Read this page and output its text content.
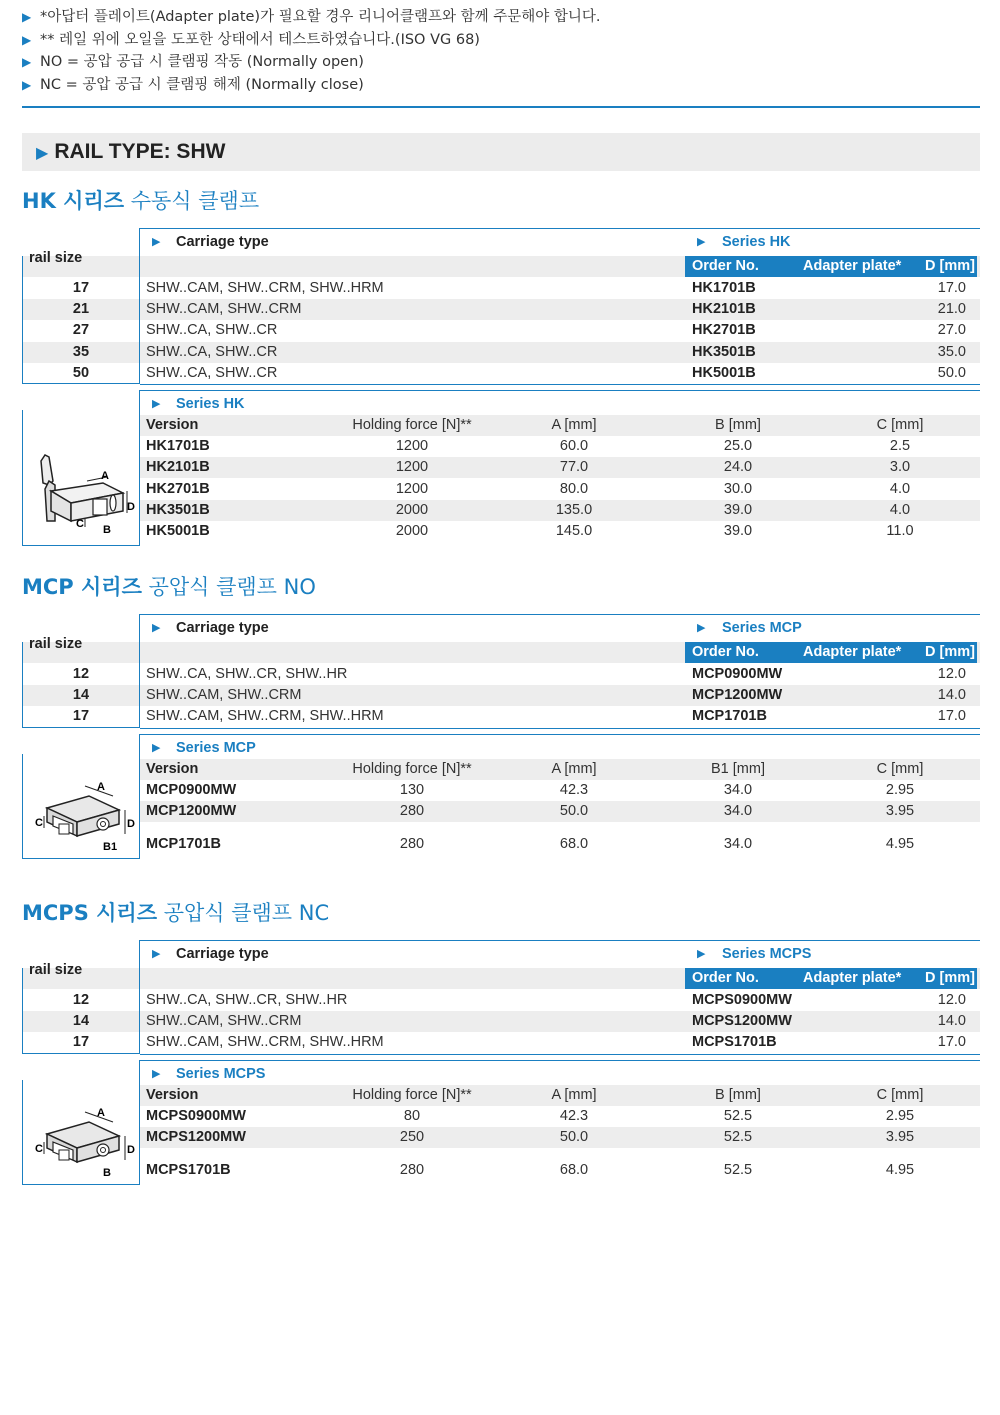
▶ *아답터 플레이트(Adapter plate)가 필요할 경우 리니어클램프와 함께 주문해야 합니다.
▶ ** 레일 위에 오일을 도포한 상태에서 테스트하였습니다.(ISO VG 68)
▶ NO = 공압 공급 시 클램핑 작동 (Normally open)
▶ NC = 공압 공급 시 클램핑 해제 (Normally close)
▶ RAIL TYPE: SHW
HK 시리즈 수동식 클램프
▶ Carriage type	▶ Series HK
rail size	Order No.	Adapter plate* D [mm]
17	SHW..CAM, SHW..CRM, SHW..HRM	HK1701B	17.0
21	SHW..CAM, SHW..CRM	HK2101B	21.0
27	SHW..CA, SHW..CR	HK2701B	27.0
35	SHW..CA, SHW..CR	HK3501B	35.0
50	SHW..CA, SHW..CR	HK5001B	50.0
▶ Series HK
Version	Holding force [N]**	A [mm]	B [mm]	C [mm]
HK1701B	1200	60.0	25.0	2.5
HK2101B	1200	77.0	24.0	3.0
HK2701B	1200	80.0	30.0	4.0
HK3501B	2000	135.0	39.0	4.0
HK5001B	2000	145.0	39.0	11.0
A
D
C B
MCP 시리즈 공압식 클램프 NO
▶ Carriage type	▶ Series MCP
rail size	Order No.	Adapter plate* D [mm]
12	SHW..CA, SHW..CR, SHW..HR	MCP0900MW	12.0
14	SHW..CAM, SHW..CRM	MCP1200MW	14.0
17	SHW..CAM, SHW..CRM, SHW..HRM	MCP1701B	17.0
▶ Series MCP
Version	Holding force [N]**	A [mm]	B1 [mm]	C [mm]
MCP0900MW	130	42.3	34.0	2.95
MCP1200MW	280	50.0	34.0	3.95
MCP1701B	280	68.0	34.0	4.95
A
D
C
B1
MCPS 시리즈 공압식 클램프 NC
▶ Carriage type	▶ Series MCPS
rail size	Order No.	Adapter plate* D [mm]
12	SHW..CA, SHW..CR, SHW..HR	MCPS0900MW	12.0
14	SHW..CAM, SHW..CRM	MCPS1200MW	14.0
17	SHW..CAM, SHW..CRM, SHW..HRM	MCPS1701B	17.0
▶ Series MCPS
Version	Holding force [N]**	A [mm]	B [mm]	C [mm]
MCPS0900MW	80	42.3	52.5	2.95
MCPS1200MW	250	50.0	52.5	3.95
MCPS1701B	280	68.0	52.5	4.95
A
D
C
B
